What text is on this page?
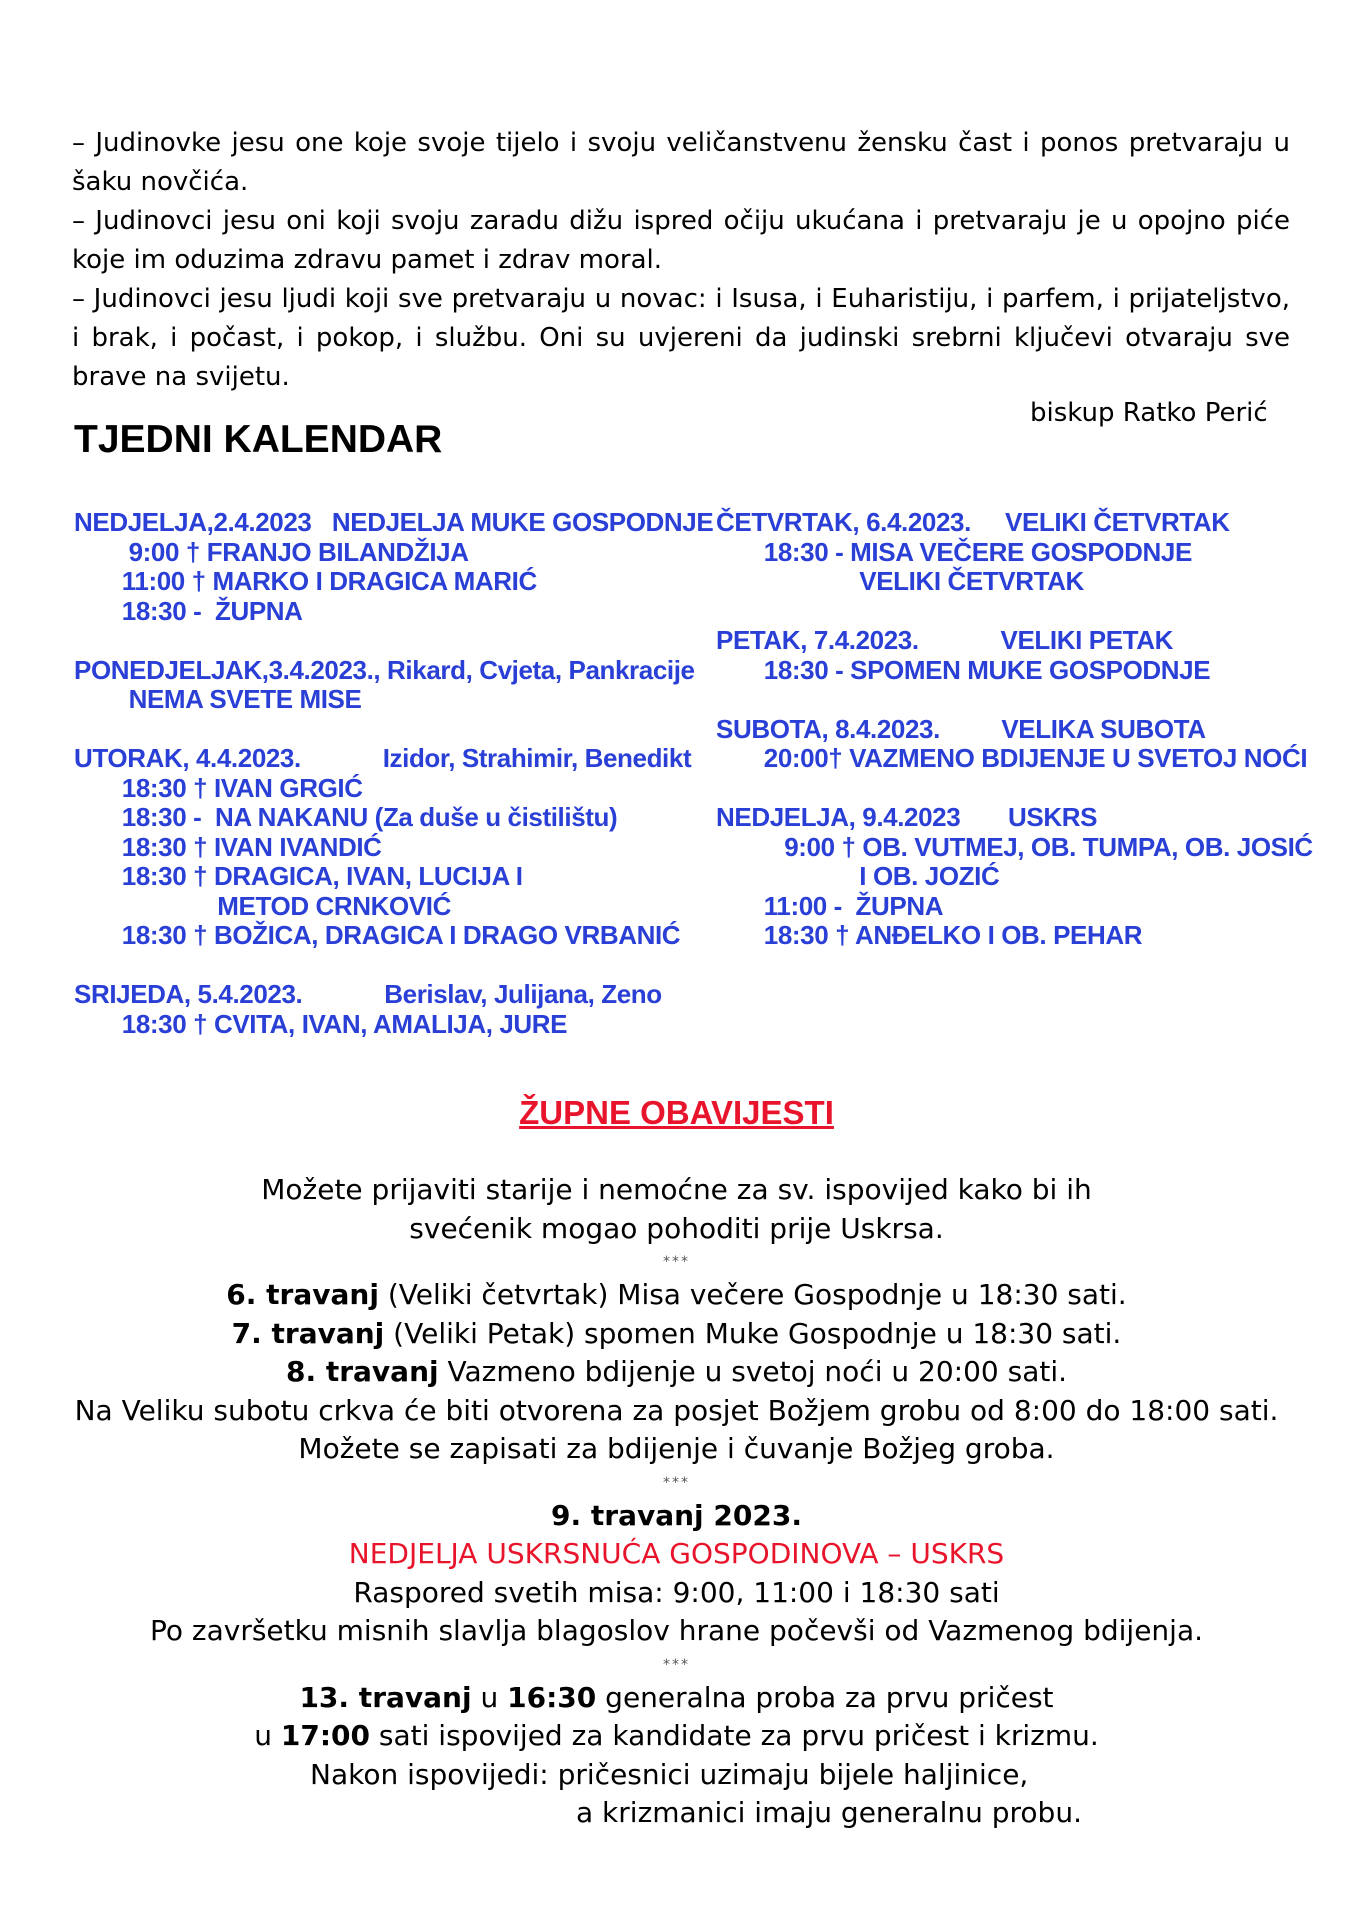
– Judinovke jesu one koje svoje tijelo i svoju veličanstvenu žensku čast i ponos pretvaraju u šaku novčića.

– Judinovci jesu oni koji svoju zaradu dižu ispred očiju ukućana i pretvaraju je u opojno piće koje im oduzima zdravu pamet i zdrav moral.

– Judinovci jesu ljudi koji sve pretvaraju u novac: i Isusa, i Euharistiju, i parfem, i prijateljstvo, i brak, i počast, i pokop, i službu. Oni su uvjereni da judinski srebrni ključevi otvaraju sve brave na svijetu.

biskup Ratko Perić
TJEDNI KALENDAR
NEDJELJA,2.4.2023   NEDJELJA MUKE GOSPODNJE
9:00 † FRANJO BILANDŽIJA
11:00 † MARKO I DRAGICA MARIĆ
18:30 -  ŽUPNA
PONEDJELJAK,3.4.2023., Rikard, Cvjeta, Pankracije
NEMA SVETE MISE
UTORAK, 4.4.2023.            Izidor, Strahimir, Benedikt
18:30 † IVAN GRGIĆ
18:30 -  NA NAKANU (Za duše u čistilištu)
18:30 † IVAN IVANDIĆ
18:30 † DRAGICA, IVAN, LUCIJA I
METOD CRNKOVIĆ
18:30 † BOŽICA, DRAGICA I DRAGO VRBANIĆ
SRIJEDA, 5.4.2023.            Berislav, Julijana, Zeno
18:30 † CVITA, IVAN, AMALIJA, JURE
ČETVRTAK, 6.4.2023.     VELIKI ČETVRTAK
18:30 - MISA VEČERE GOSPODNJE
VELIKI ČETVRTAK
PETAK, 7.4.2023.            VELIKI PETAK
18:30 - SPOMEN MUKE GOSPODNJE
SUBOTA, 8.4.2023.         VELIKA SUBOTA
20:00† VAZMENO BDIJENJE U SVETOJ NOĆI
NEDJELJA, 9.4.2023       USKRS
9:00 † OB. VUTMEJ, OB. TUMPA, OB. JOSIĆ
I OB. JOZIĆ
11:00 -  ŽUPNA
18:30 † ANĐELKO I OB. PEHAR
ŽUPNE OBAVIJESTI
Možete prijaviti starije i nemoćne za sv. ispovijed kako bi ih svećenik mogao pohoditi prije Uskrsa.
***
6. travanj (Veliki četvrtak) Misa večere Gospodnje u 18:30 sati.
7. travanj (Veliki Petak) spomen Muke Gospodnje u 18:30 sati.
8. travanj Vazmeno bdijenje u svetoj noći u 20:00 sati.
Na Veliku subotu crkva će biti otvorena za posjet Božjem grobu od 8:00 do 18:00 sati.
Možete se zapisati za bdijenje i čuvanje Božjeg groba.
***
9. travanj 2023.
NEDJELJA USKRSNUĆA GOSPODINOVA – USKRS
Raspored svetih misa: 9:00, 11:00 i 18:30 sati
Po završetku misnih slavlja blagoslov hrane počevši od Vazmenog bdijenja.
***
13. travanj u 16:30 generalna proba za prvu pričest
u 17:00 sati ispovijed za kandidate za prvu pričest i krizmu.
Nakon ispovijedi: pričesnici uzimaju bijele haljinice,
a krizmanici imaju generalnu probu.
